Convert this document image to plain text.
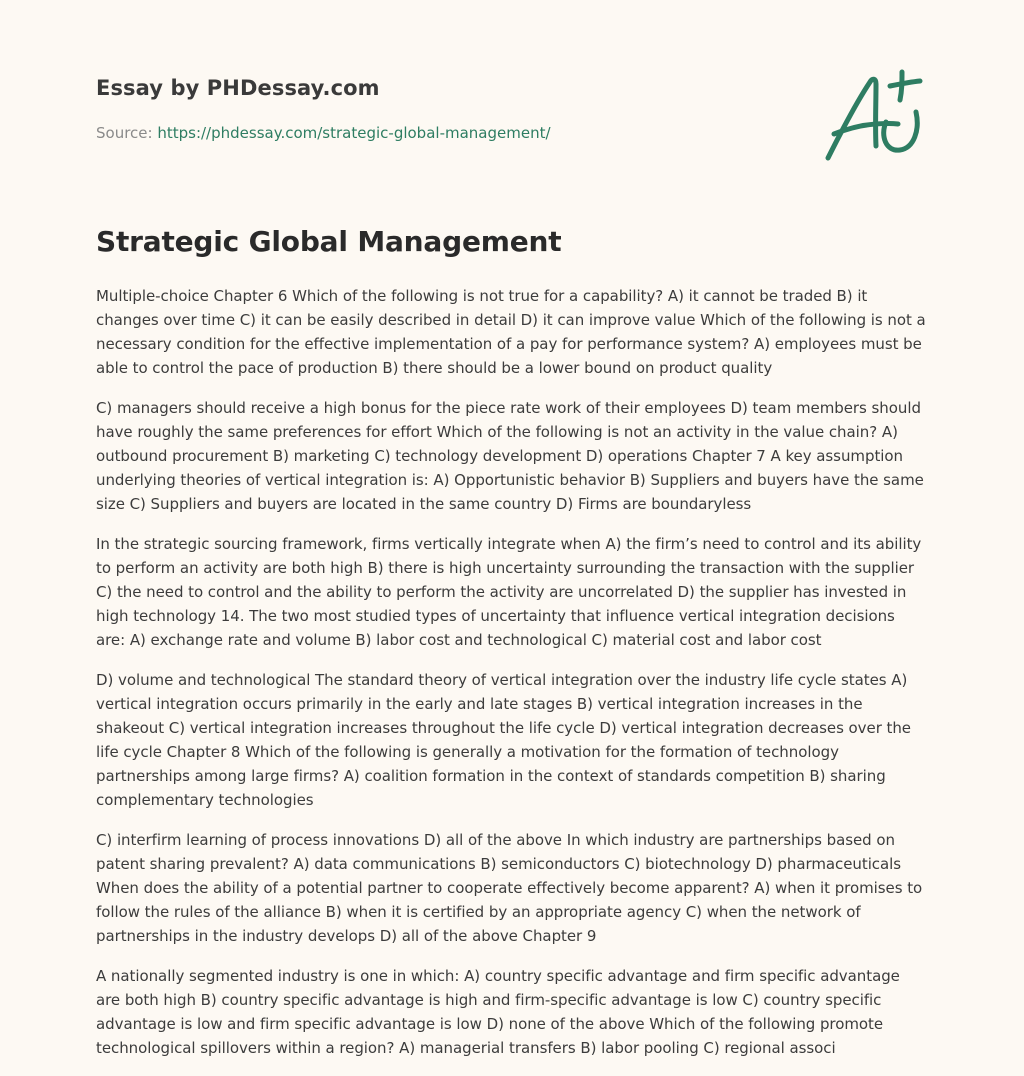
Essay by PHDessay.com
Source: https://phdessay.com/strategic-global-management/
Strategic Global Management

Multiple-choice Chapter 6 Which of the following is not true for a capability? A) it cannot be traded B) it changes over time C) it can be easily described in detail D) it can improve value Which of the following is not a necessary condition for the effective implementation of a pay for performance system? A) employees must be able to control the pace of production B) there should be a lower bound on product quality

C) managers should receive a high bonus for the piece rate work of their employees D) team members should have roughly the same preferences for effort Which of the following is not an activity in the value chain? A) outbound procurement B) marketing C) technology development D) operations Chapter 7 A key assumption underlying theories of vertical integration is: A) Opportunistic behavior B) Suppliers and buyers have the same size C) Suppliers and buyers are located in the same country D) Firms are boundaryless

In the strategic sourcing framework, firms vertically integrate when A) the firm’s need to control and its ability to perform an activity are both high B) there is high uncertainty surrounding the transaction with the supplier C) the need to control and the ability to perform the activity are uncorrelated D) the supplier has invested in high technology 14. The two most studied types of uncertainty that influence vertical integration decisions are: A) exchange rate and volume B) labor cost and technological C) material cost and labor cost

D) volume and technological The standard theory of vertical integration over the industry life cycle states A) vertical integration occurs primarily in the early and late stages B) vertical integration increases in the shakeout C) vertical integration increases throughout the life cycle D) vertical integration decreases over the life cycle Chapter 8 Which of the following is generally a motivation for the formation of technology partnerships among large firms? A) coalition formation in the context of standards competition B) sharing complementary technologies

C) interfirm learning of process innovations D) all of the above In which industry are partnerships based on patent sharing prevalent? A) data communications B) semiconductors C) biotechnology D) pharmaceuticals When does the ability of a potential partner to cooperate effectively become apparent? A) when it promises to follow the rules of the alliance B) when it is certified by an appropriate agency C) when the network of partnerships in the industry develops D) all of the above Chapter 9

A nationally segmented industry is one in which: A) country specific advantage and firm specific advantage are both high B) country specific advantage is high and firm-specific advantage is low C) country specific advantage is low and firm specific advantage is low D) none of the above Which of the following promote technological spillovers within a region? A) managerial transfers B) labor pooling C) regional associ
